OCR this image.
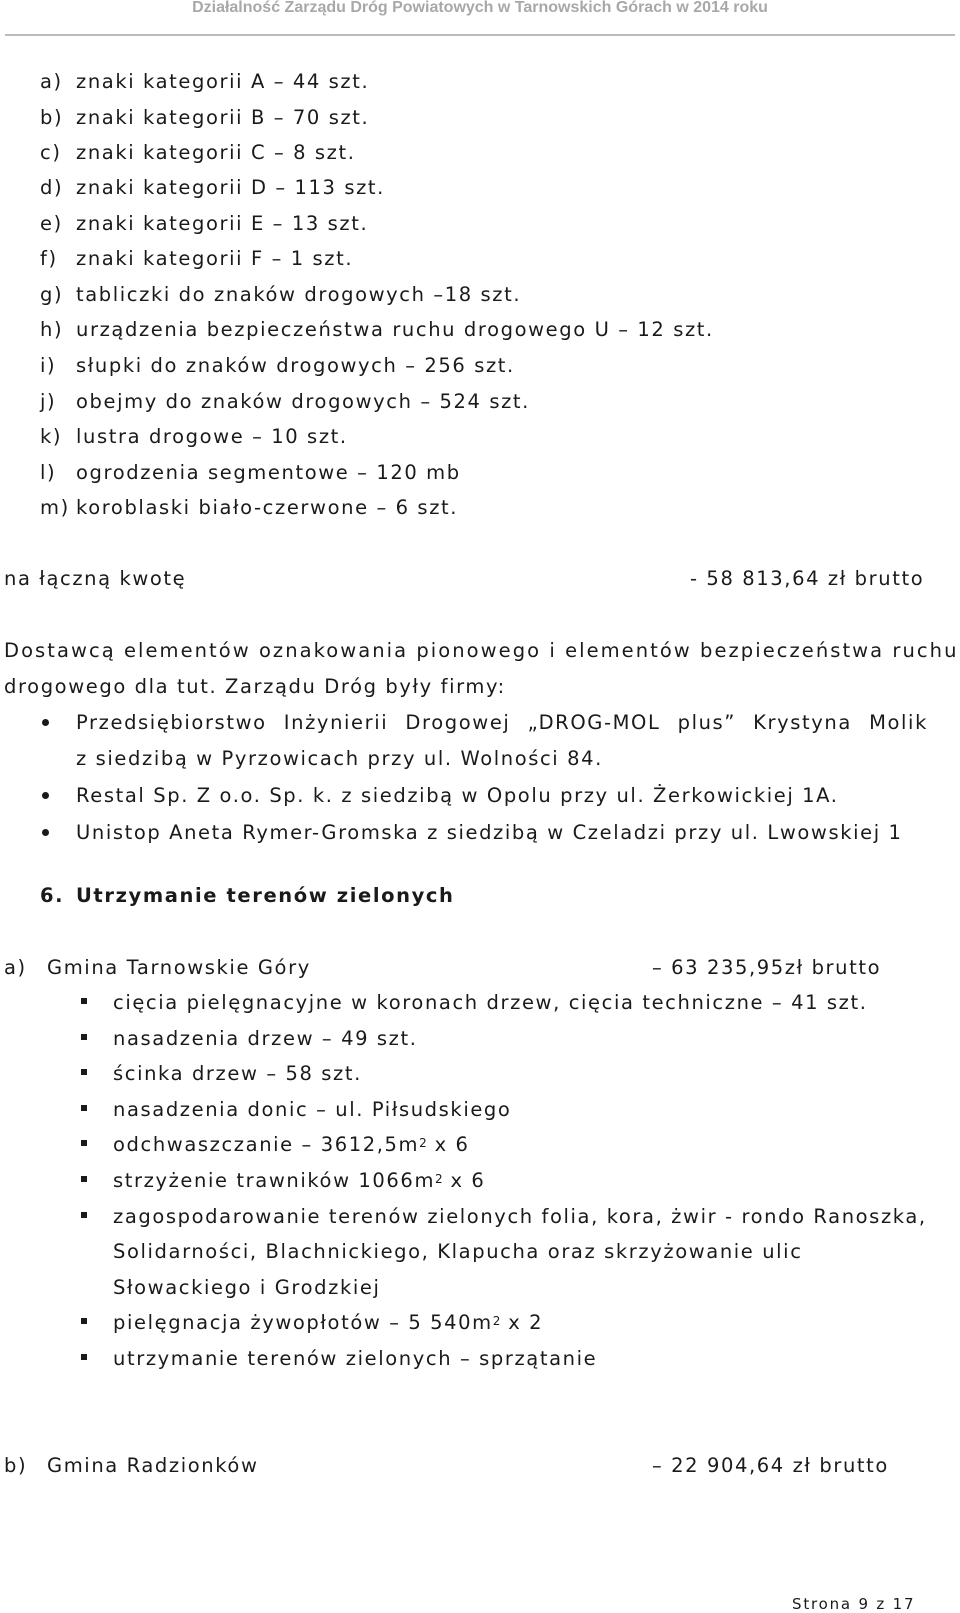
Działalność Zarządu Dróg Powiatowych w Tarnowskich Górach w 2014 roku
a) znaki kategorii A – 44 szt.
b) znaki kategorii B – 70 szt.
c) znaki kategorii C – 8 szt.
d) znaki kategorii D – 113 szt.
e) znaki kategorii E – 13 szt.
f) znaki kategorii F – 1 szt.
g) tabliczki do znaków drogowych –18 szt.
h) urządzenia bezpieczeństwa ruchu drogowego U – 12 szt.
i) słupki do znaków drogowych – 256 szt.
j) obejmy do znaków drogowych – 524 szt.
k) lustra drogowe – 10 szt.
l) ogrodzenia segmentowe – 120 mb
m) koroblaski biało-czerwone – 6 szt.
na łączną kwotę	- 58 813,64 zł brutto
Dostawcą elementów oznakowania pionowego i elementów bezpieczeństwa ruchu
drogowego dla tut. Zarządu Dróg były firmy:
Przedsiębiorstwo Inżynierii Drogowej „DROG-MOL plus” Krystyna Molik
z siedzibą w Pyrzowicach przy ul. Wolności 84.
Restal Sp. Z o.o. Sp. k. z siedzibą w Opolu przy ul. Żerkowickiej 1A.
Unistop Aneta Rymer-Gromska z siedzibą w Czeladzi przy ul. Lwowskiej 1
6. Utrzymanie terenów zielonych
a) Gmina Tarnowskie Góry	– 63 235,95zł brutto
cięcia pielęgnacyjne w koronach drzew, cięcia techniczne – 41 szt.
nasadzenia drzew – 49 szt.
ścinka drzew – 58 szt.
nasadzenia donic – ul. Piłsudskiego
odchwaszczanie – $3612,5m^2$ x 6
strzyżenie trawników $1066m^2$ x 6
zagospodarowanie terenów zielonych folia, kora, żwir - rondo Ranoszka,
Solidarności, Blachnickiego, Klapucha oraz skrzyżowanie ulic
Słowackiego i Grodzkiej
pielęgnacja żywopłotów – 5 $540m^2$ x 2
utrzymanie terenów zielonych – sprzątanie
b) Gmina Radzionków	– 22 904,64 zł brutto
Strona 9 z 17
